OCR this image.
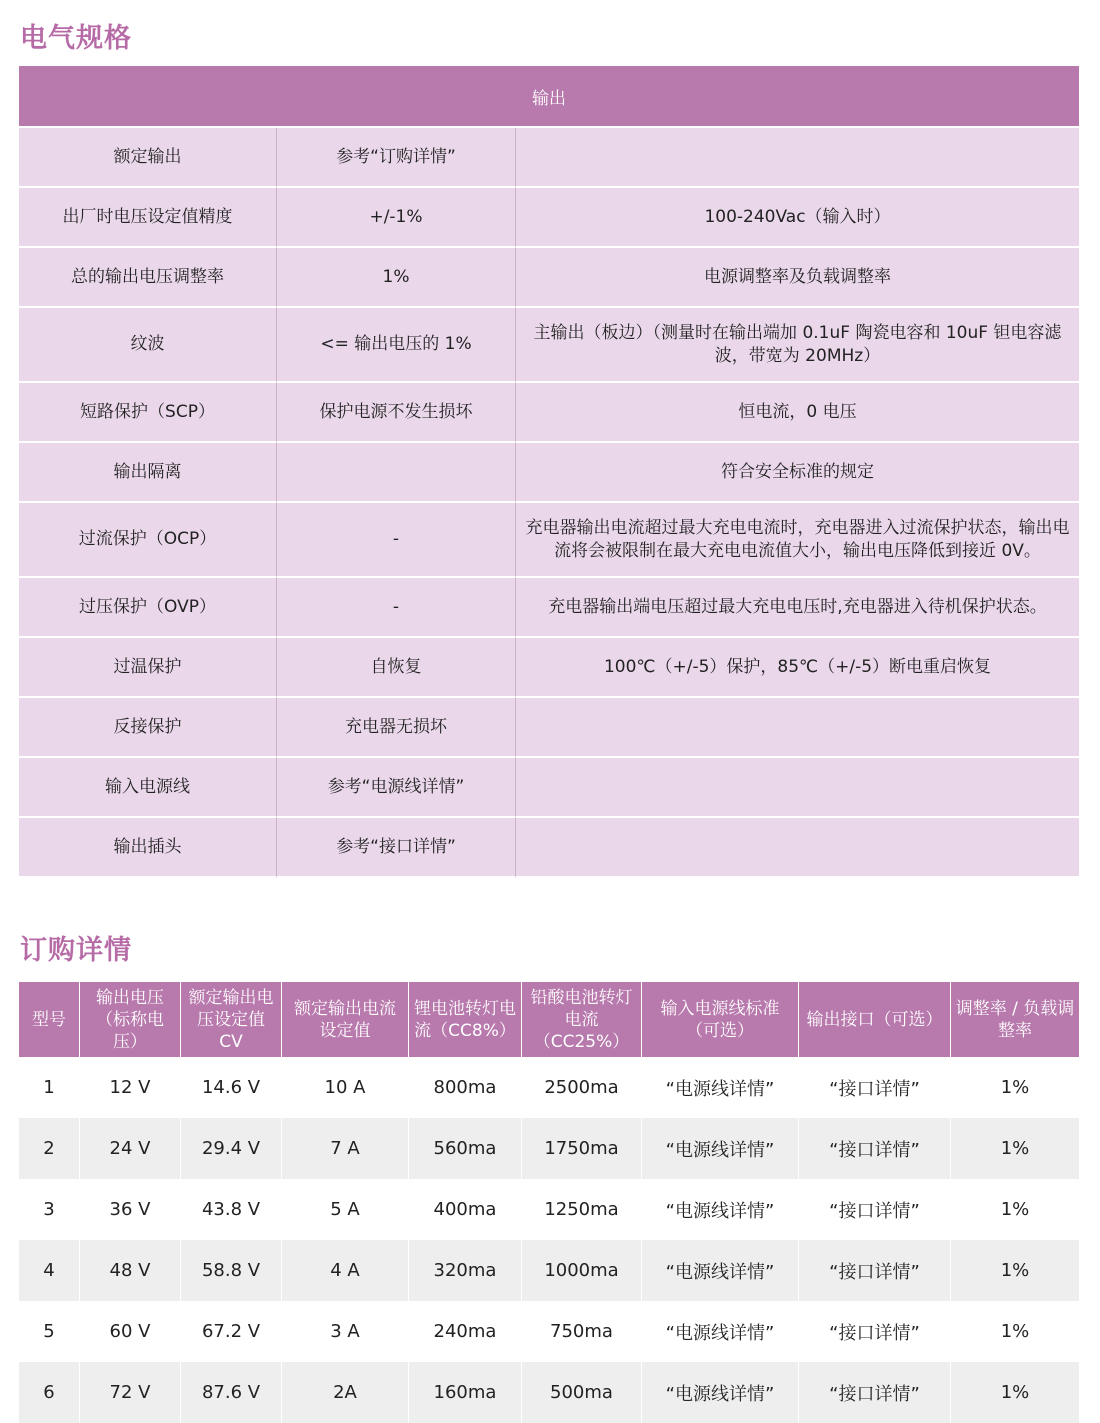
电气规格
输出		
额定输出	参考“订购详情”	
出厂时电压设定值精度	+/-1%	100-240Vac（输入时）
总的输出电压调整率	1%	电源调整率及负载调整率
纹波	<= 输出电压的 1%	主输出（板边）（测量时在输出端加 0.1uF 陶瓷电容和 10uF 钽电容滤波，带宽为 20MHz）
短路保护（SCP）	保护电源不发生损坏	恒电流，0 电压
输出隔离		符合安全标准的规定
过流保护（OCP）	-	充电器输出电流超过最大充电电流时，充电器进入过流保护状态，输出电流将会被限制在最大充电电流值大小，输出电压降低到接近 0V。
过压保护（OVP）	-	充电器输出端电压超过最大充电电压时,充电器进入待机保护状态。
过温保护	自恢复	100℃（+/-5）保护，85℃（+/-5）断电重启恢复
反接保护	充电器无损坏	
输入电源线	参考“电源线详情”	
输出插头	参考“接口详情”	
订购详情
型号	输出电压（标称电压）	额定输出电压设定值 CV	额定输出电流设定值	锂电池转灯电流（CC8%）	铅酸电池转灯电流（CC25%）	输入电源线标准（可选）	输出接口（可选）	调整率 / 负载调整率
1	12 V	14.6 V	10 A	800ma	2500ma	“电源线详情”	“接口详情”	1%
2	24 V	29.4 V	7 A	560ma	1750ma	“电源线详情”	“接口详情”	1%
3	36 V	43.8 V	5 A	400ma	1250ma	“电源线详情”	“接口详情”	1%
4	48 V	58.8 V	4 A	320ma	1000ma	“电源线详情”	“接口详情”	1%
5	60 V	67.2 V	3 A	240ma	750ma	“电源线详情”	“接口详情”	1%
6	72 V	87.6 V	2A	160ma	500ma	“电源线详情”	“接口详情”	1%
